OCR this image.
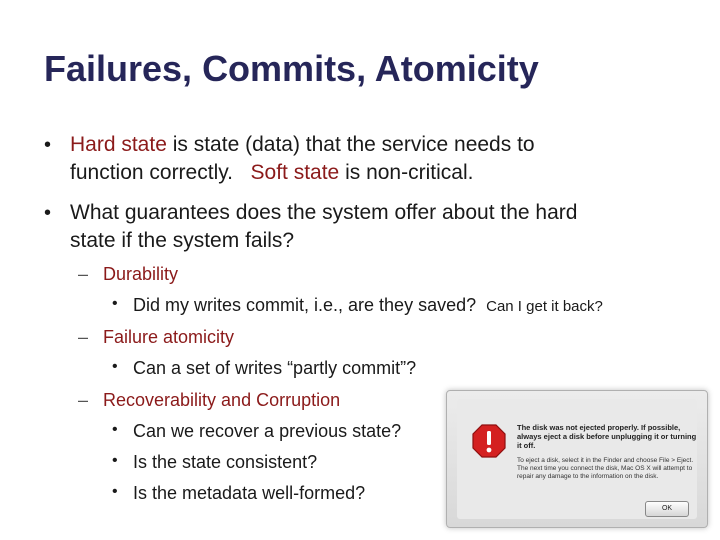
Failures, Commits, Atomicity
• Hard state is state (data) that the service needs to
function correctly.   Soft state is non-critical.
• What guarantees does the system offer about the hard
state if the system fails?
– Durability
• Did my writes commit, i.e., are they saved? Can I get it back?
– Failure atomicity
• Can a set of writes “partly commit”?
– Recoverability and Corruption
• Can we recover a previous state?
• Is the state consistent?
• Is the metadata well-formed?
The disk was not ejected properly. If possible, always eject a disk before unplugging it or turning it off.
To eject a disk, select it in the Finder and choose File > Eject. The next time you connect the disk, Mac OS X will attempt to repair any damage to the information on the disk.
OK
